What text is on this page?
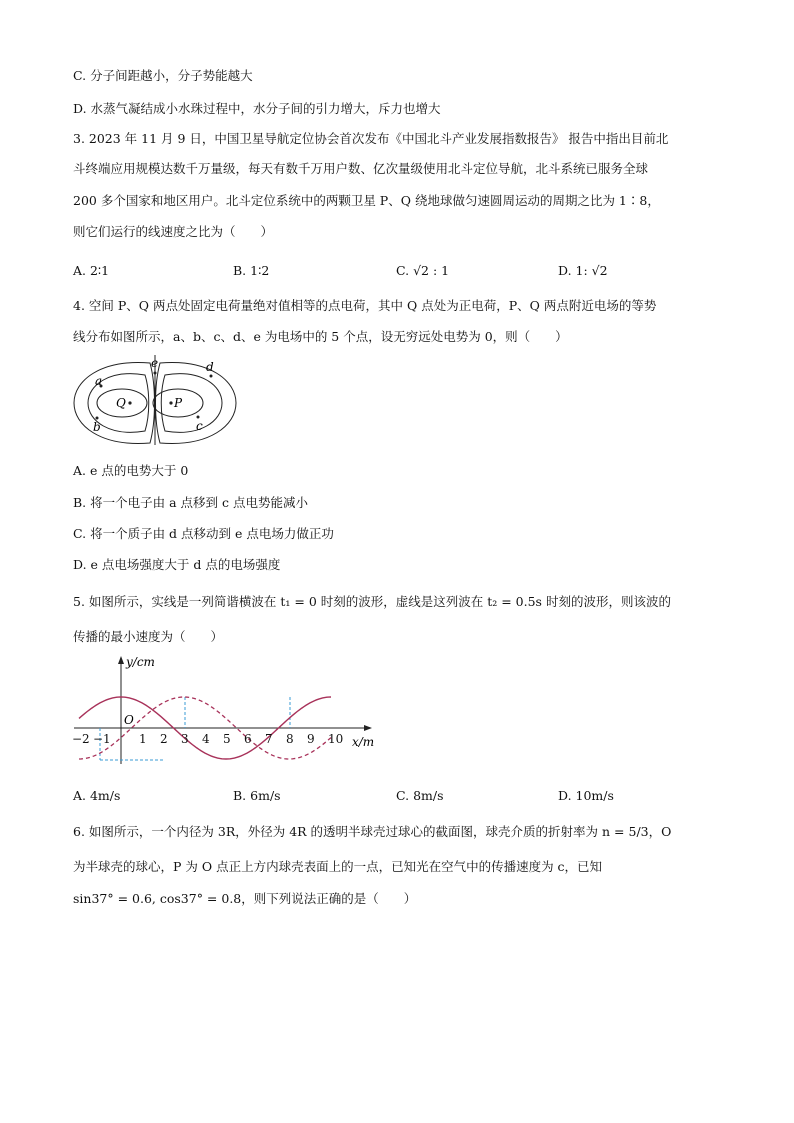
C. 分子间距越小，分子势能越大
D. 水蒸气凝结成小水珠过程中，水分子间的引力增大，斥力也增大
3. 2023 年 11 月 9 日，中国卫星导航定位协会首次发布《中国北斗产业发展指数报告》 报告中指出目前北
斗终端应用规模达数千万量级，每天有数千万用户数、亿次量级使用北斗定位导航，北斗系统已服务全球
200 多个国家和地区用户。北斗定位系统中的两颗卫星 P、Q 绕地球做匀速圆周运动的周期之比为 1∶8，
则它们运行的线速度之比为（　　）
A. 2∶1	B. 1∶2	C. √2 : 1	D. 1: √2
4. 空间 P、Q 两点处固定电荷量绝对值相等的点电荷，其中 Q 点处为正电荷，P、Q 两点附近电场的等势
线分布如图所示，a、b、c、d、e 为电场中的 5 个点，设无穷远处电势为 0，则（　　）
e	d
a
Q	P
b	c
A. e 点的电势大于 0
B. 将一个电子由 a 点移到 c 点电势能减小
C. 将一个质子由 d 点移动到 e 点电场力做正功
D. e 点电场强度大于 d 点的电场强度
5. 如图所示，实线是一列简谐横波在 t₁ = 0 时刻的波形，虚线是这列波在 t₂ = 0.5s 时刻的波形，则该波的
传播的最小速度为（　　）
y/cm
x/m
O
−2 −1 1 2 3 4 5 6 7 8 9 10
A. 4m/s	B. 6m/s	C. 8m/s	D. 10m/s
6. 如图所示，一个内径为 3R，外径为 4R 的透明半球壳过球心的截面图，球壳介质的折射率为 n = 5/3，O
为半球壳的球心，P 为 O 点正上方内球壳表面上的一点，已知光在空气中的传播速度为 c，已知
sin37° = 0.6, cos37° = 0.8，则下列说法正确的是（　　）
